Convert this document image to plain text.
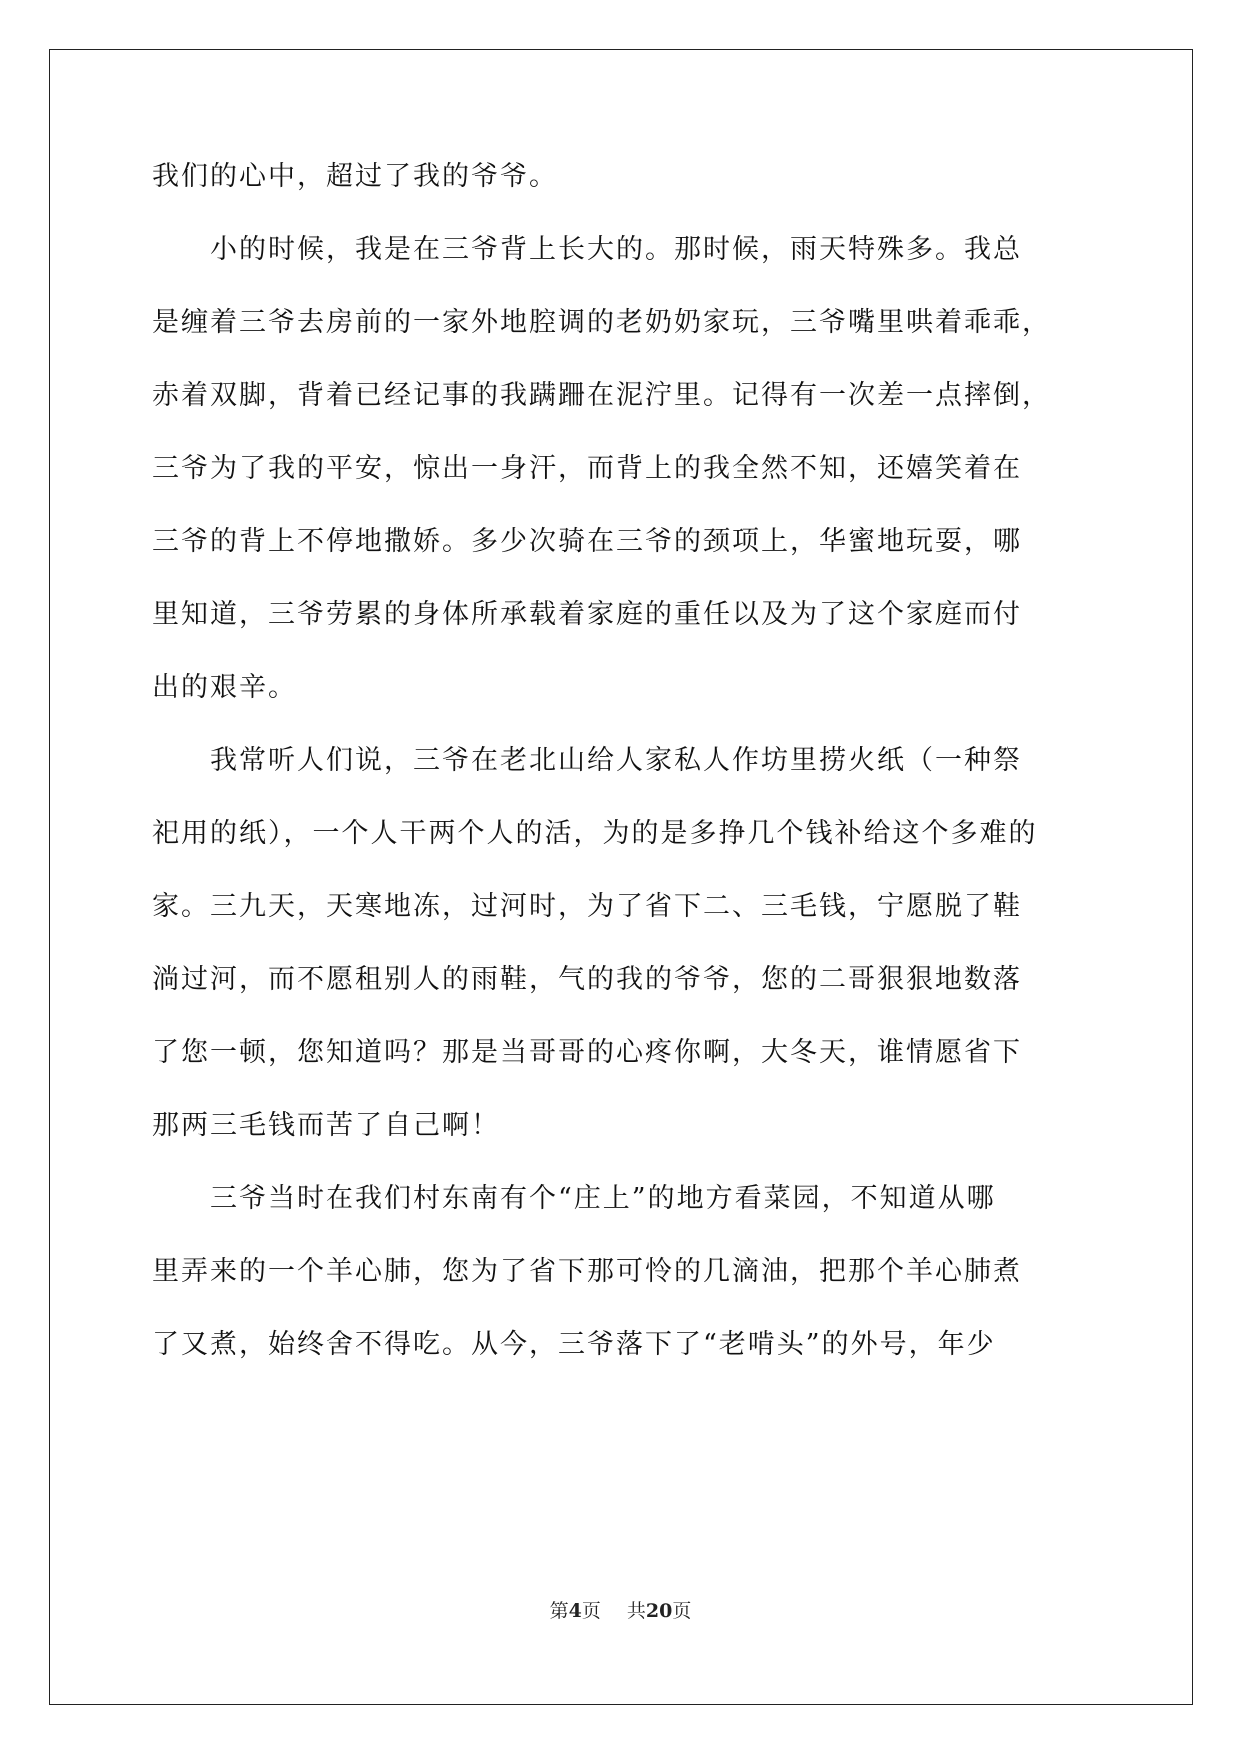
我们的心中，超过了我的爷爷。
　　小的时候，我是在三爷背上长大的。那时候，雨天特殊多。我总
是缠着三爷去房前的一家外地腔调的老奶奶家玩，三爷嘴里哄着乖乖，
赤着双脚，背着已经记事的我蹒跚在泥泞里。记得有一次差一点摔倒，
三爷为了我的平安，惊出一身汗，而背上的我全然不知，还嬉笑着在
三爷的背上不停地撒娇。多少次骑在三爷的颈项上，华蜜地玩耍，哪
里知道，三爷劳累的身体所承载着家庭的重任以及为了这个家庭而付
出的艰辛。
　　我常听人们说，三爷在老北山给人家私人作坊里捞火纸（一种祭
祀用的纸），一个人干两个人的活，为的是多挣几个钱补给这个多难的
家。三九天，天寒地冻，过河时，为了省下二、三毛钱，宁愿脱了鞋
淌过河，而不愿租别人的雨鞋，气的我的爷爷，您的二哥狠狠地数落
了您一顿，您知道吗？那是当哥哥的心疼你啊，大冬天，谁情愿省下
那两三毛钱而苦了自己啊！
　　三爷当时在我们村东南有个“庄上”的地方看菜园，不知道从哪
里弄来的一个羊心肺，您为了省下那可怜的几滴油，把那个羊心肺煮
了又煮，始终舍不得吃。从今，三爷落下了“老啃头”的外号，年少
第4页 共20页
